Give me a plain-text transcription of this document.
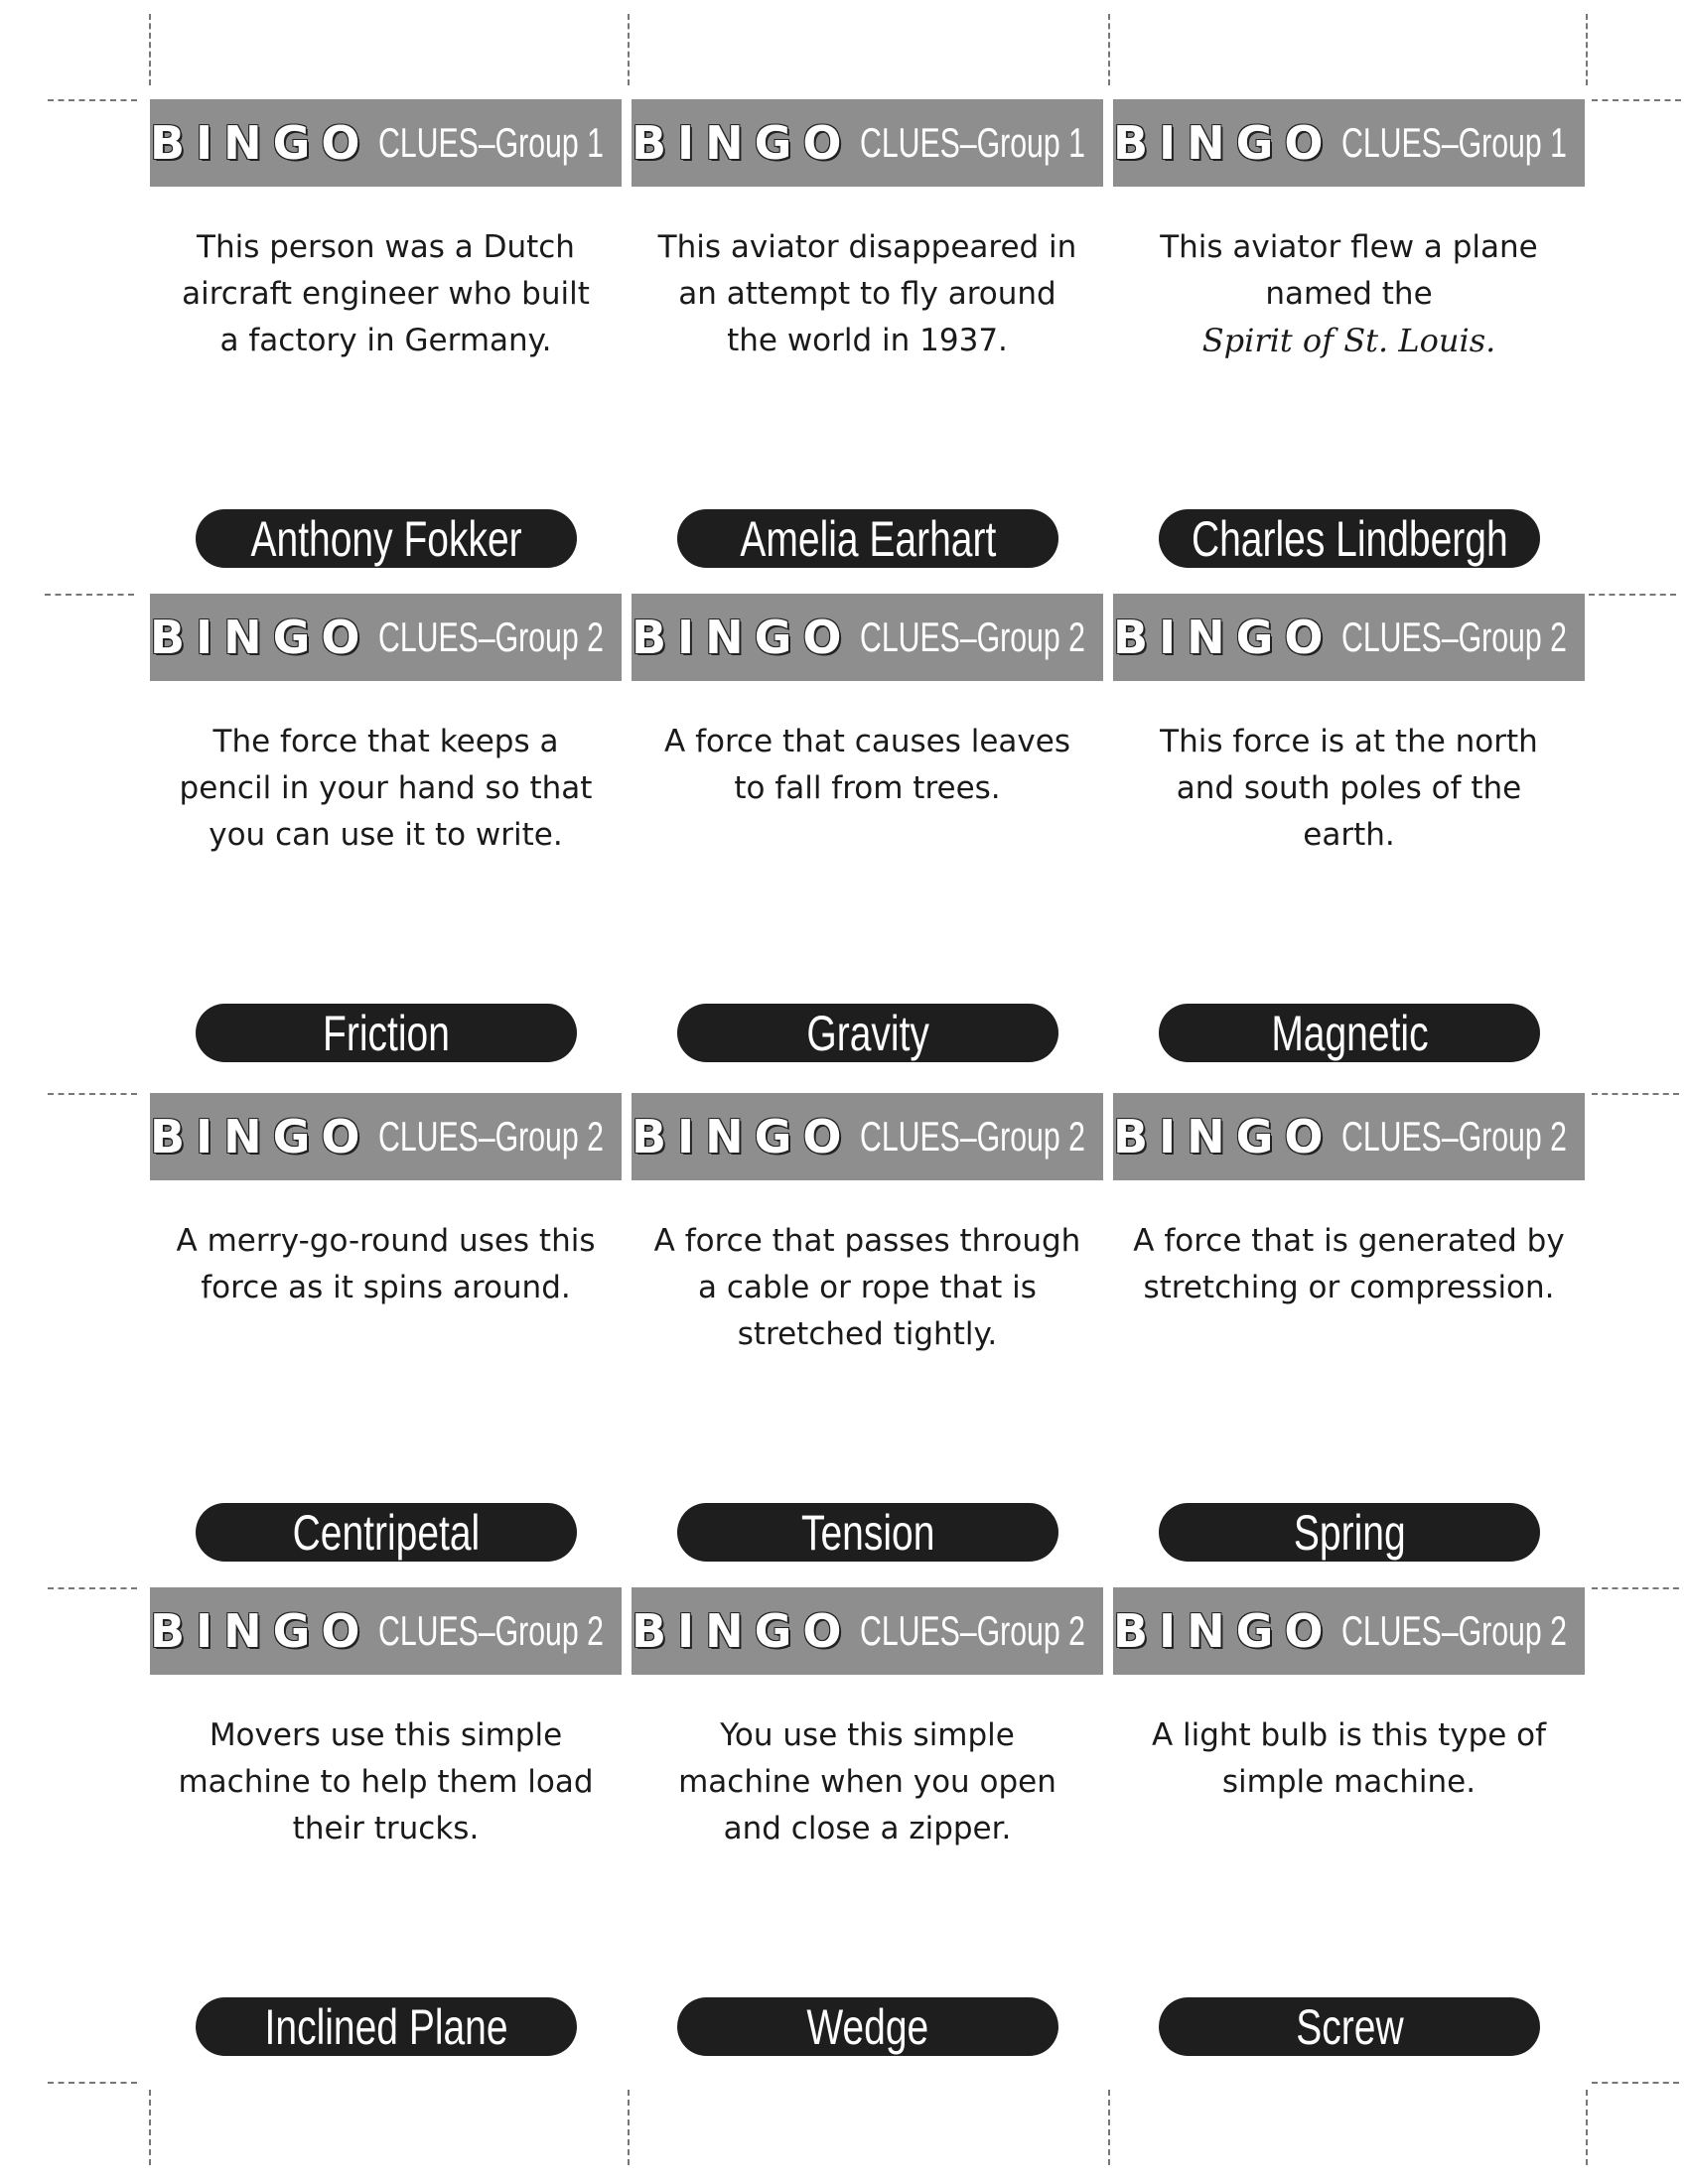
BINGO CLUES–Group 1
This person was a Dutch aircraft engineer who built a factory in Germany.
Anthony Fokker
BINGO CLUES–Group 1
This aviator disappeared in an attempt to fly around the world in 1937.
Amelia Earhart
BINGO CLUES–Group 1
This aviator flew a plane named the
Spirit of St. Louis.
Charles Lindbergh
BINGO CLUES–Group 2
The force that keeps a pencil in your hand so that you can use it to write.
Friction
BINGO CLUES–Group 2
A force that causes leaves to fall from trees.
Gravity
BINGO CLUES–Group 2
This force is at the north and south poles of the earth.
Magnetic
BINGO CLUES–Group 2
A merry-go-round uses this force as it spins around.
Centripetal
BINGO CLUES–Group 2
A force that passes through a cable or rope that is stretched tightly.
Tension
BINGO CLUES–Group 2
A force that is generated by stretching or compression.
Spring
BINGO CLUES–Group 2
Movers use this simple machine to help them load their trucks.
Inclined Plane
BINGO CLUES–Group 2
You use this simple machine when you open and close a zipper.
Wedge
BINGO CLUES–Group 2
A light bulb is this type of simple machine.
Screw
